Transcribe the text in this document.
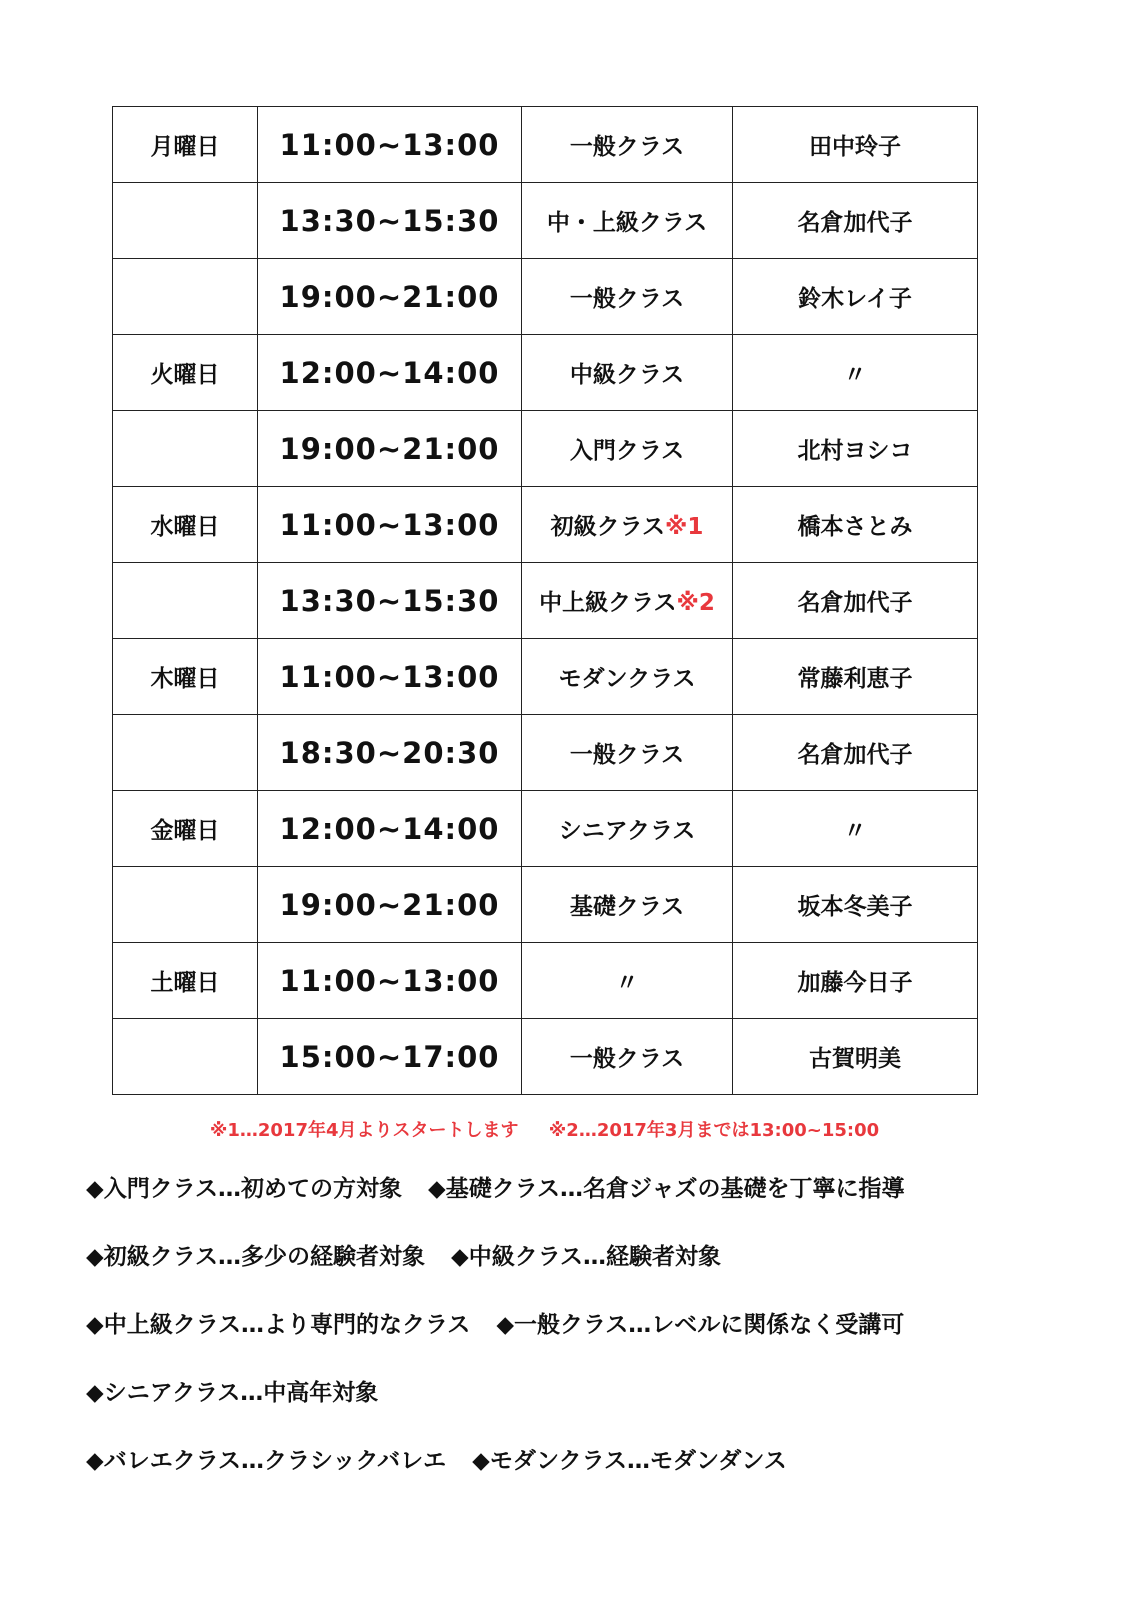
月曜日	11:00~13:00	一般クラス	田中玲子
	13:30~15:30	中・上級クラス	名倉加代子
	19:00~21:00	一般クラス	鈴木レイ子
火曜日	12:00~14:00	中級クラス	〃
	19:00~21:00	入門クラス	北村ヨシコ
水曜日	11:00~13:00	初級クラス※1	橋本さとみ
	13:30~15:30	中上級クラス※2	名倉加代子
木曜日	11:00~13:00	モダンクラス	常藤利恵子
	18:30~20:30	一般クラス	名倉加代子
金曜日	12:00~14:00	シニアクラス	〃
	19:00~21:00	基礎クラス	坂本冬美子
土曜日	11:00~13:00	〃	加藤今日子
	15:00~17:00	一般クラス	古賀明美
※1…2017年4月よりスタートします ※2…2017年3月までは13:00~15:00
◆入門クラス…初めての方対象 ◆基礎クラス…名倉ジャズの基礎を丁寧に指導
◆初級クラス…多少の経験者対象 ◆中級クラス…経験者対象
◆中上級クラス…より専門的なクラス ◆一般クラス…レベルに関係なく受講可
◆シニアクラス…中高年対象
◆バレエクラス…クラシックバレエ ◆モダンクラス…モダンダンス
